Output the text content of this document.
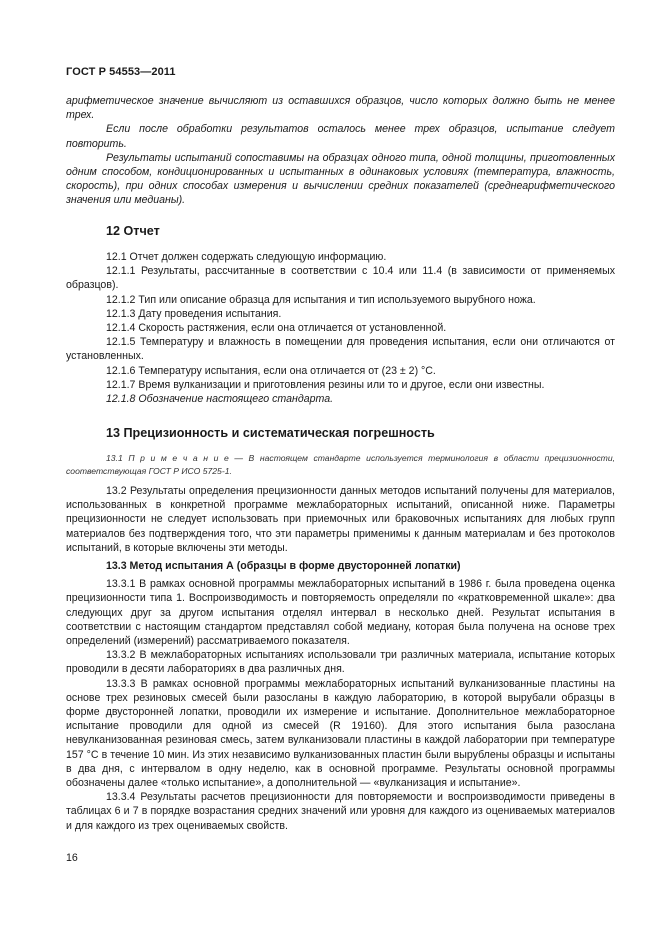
ГОСТ Р 54553—2011

арифметическое значение вычисляют из оставшихся образцов, число которых должно быть не менее трех.

Если после обработки результатов осталось менее трех образцов, испытание следует повторить.

Результаты испытаний сопоставимы на образцах одного типа, одной толщины, приготовленных одним способом, кондиционированных и испытанных в одинаковых условиях (температура, влажность, скорость), при одних способах измерения и вычислении средних показателей (среднеарифметического значения или медианы).

12 Отчет

12.1 Отчет должен содержать следующую информацию.

12.1.1 Результаты, рассчитанные в соответствии с 10.4 или 11.4 (в зависимости от применяемых образцов).

12.1.2 Тип или описание образца для испытания и тип используемого вырубного ножа.

12.1.3 Дату проведения испытания.

12.1.4 Скорость растяжения, если она отличается от установленной.

12.1.5 Температуру и влажность в помещении для проведения испытания, если они отличаются от установленных.

12.1.6 Температуру испытания, если она отличается от (23 ± 2) °С.

12.1.7 Время вулканизации и приготовления резины или то и другое, если они известны.

12.1.8 Обозначение настоящего стандарта.

13 Прецизионность и систематическая погрешность

13.1 П р и м е ч а н и е — В настоящем стандарте используется терминология в области прецизионности, соответствующая ГОСТ Р ИСО 5725-1.

13.2 Результаты определения прецизионности данных методов испытаний получены для материалов, использованных в конкретной программе межлабораторных испытаний, описанной ниже. Параметры прецизионности не следует использовать при приемочных или браковочных испытаниях для любых групп материалов без подтверждения того, что эти параметры применимы к данным материалам и без протоколов испытаний, в которые включены эти методы.

13.3 Метод испытания А (образцы в форме двусторонней лопатки)

13.3.1 В рамках основной программы межлабораторных испытаний в 1986 г. была проведена оценка прецизионности типа 1. Воспроизводимость и повторяемость определяли по «кратковременной шкале»: два следующих друг за другом испытания отделял интервал в несколько дней. Результат испытания в соответствии с настоящим стандартом представлял собой медиану, которая была получена на основе трех определений (измерений) рассматриваемого показателя.

13.3.2 В межлабораторных испытаниях использовали три различных материала, испытание которых проводили в десяти лабораториях в два различных дня.

13.3.3 В рамках основной программы межлабораторных испытаний вулканизованные пластины на основе трех резиновых смесей были разосланы в каждую лабораторию, в которой вырубали образцы в форме двусторонней лопатки, проводили их измерение и испытание. Дополнительное межлабораторное испытание проводили для одной из смесей (R 19160). Для этого испытания была разослана невулканизованная резиновая смесь, затем вулканизовали пластины в каждой лаборатории при температуре 157 °С в течение 10 мин. Из этих независимо вулканизованных пластин были вырублены образцы и испытаны в два дня, с интервалом в одну неделю, как в основной программе. Результаты основной программы обозначены далее «только испытание», а дополнительной — «вулканизация и испытание».

13.3.4 Результаты расчетов прецизионности для повторяемости и воспроизводимости приведены в таблицах 6 и 7 в порядке возрастания средних значений или уровня для каждого из оцениваемых материалов и для каждого из трех оцениваемых свойств.

16
